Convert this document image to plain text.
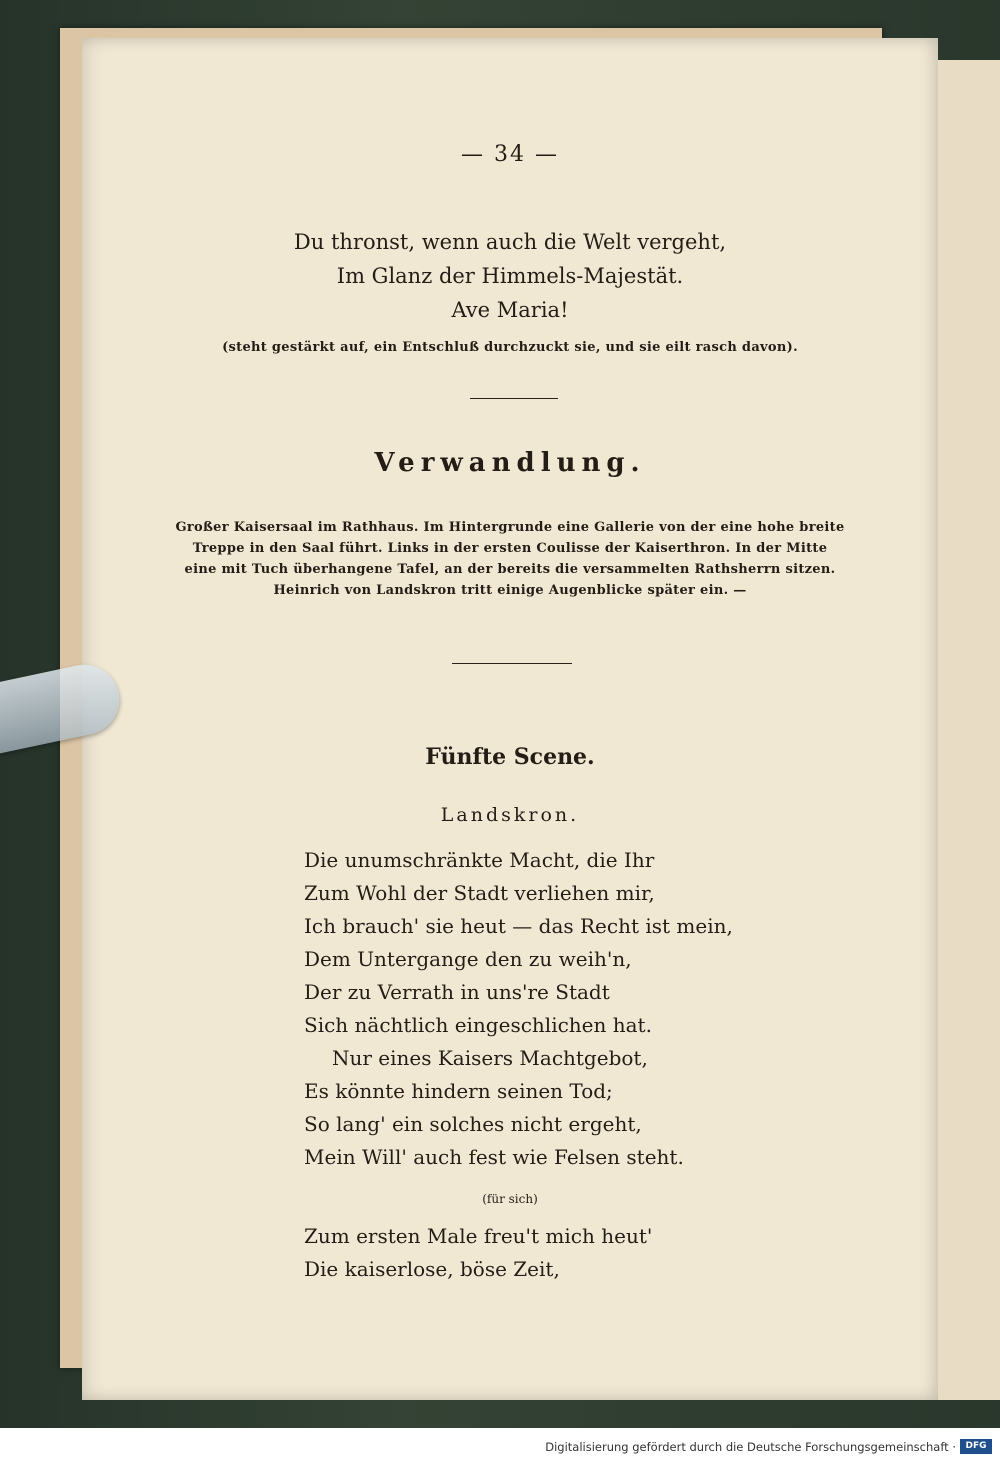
— 34 —

Du thronst, wenn auch die Welt vergeht,

Im Glanz der Himmels-Majestät.

Ave Maria!

(steht gestärkt auf, ein Entschluß durchzuckt sie, und sie eilt rasch davon).

Verwandlung.

Großer Kaisersaal im Rathhaus. Im Hintergrunde eine Gallerie von der eine hohe breite

Treppe in den Saal führt. Links in der ersten Coulisse der Kaiserthron. In der Mitte

eine mit Tuch überhangene Tafel, an der bereits die versammelten Rathsherrn sitzen.

Heinrich von Landskron tritt einige Augenblicke später ein. —

Fünfte Scene.

Landskron.

Die unumschränkte Macht, die Ihr

Zum Wohl der Stadt verliehen mir,

Ich brauch' sie heut — das Recht ist mein,

Dem Untergange den zu weih'n,

Der zu Verrath in uns're Stadt

Sich nächtlich eingeschlichen hat.

Nur eines Kaisers Machtgebot,

Es könnte hindern seinen Tod;

So lang' ein solches nicht ergeht,

Mein Will' auch fest wie Felsen steht.

(für sich)

Zum ersten Male freu't mich heut'

Die kaiserlose, böse Zeit,

Digitalisierung gefördert durch die Deutsche Forschungsgemeinschaft ·	DFG
